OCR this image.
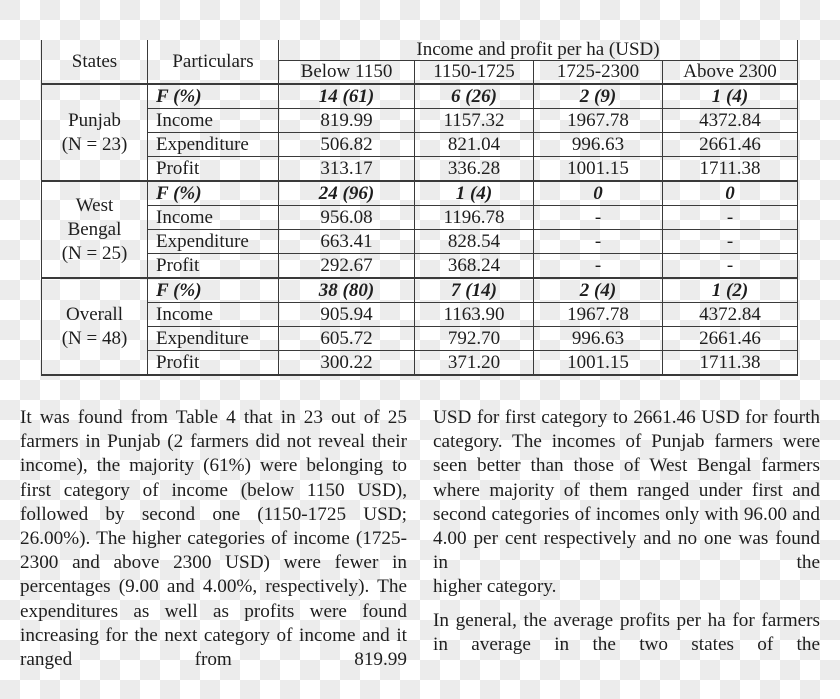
States	Particulars	Income and profit per ha (USD)			
		Below 1150	1150-1725	1725-2300	Above 2300

Punjab
(N = 23)	F (%)	14 (61)	6 (26)	2 (9)	1 (4)
	Income	819.99	1157.32	1967.78	4372.84
	Expenditure	506.82	821.04	996.63	2661.46
	Profit	313.17	336.28	1001.15	1711.38

West
Bengal
(N = 25)	F (%)	24 (96)	1 (4)	0	0
	Income	956.08	1196.78	-	-
	Expenditure	663.41	828.54	-	-
	Profit	292.67	368.24	-	-

Overall
(N = 48)	F (%)	38 (80)	7 (14)	2 (4)	1 (2)
	Income	905.94	1163.90	1967.78	4372.84
	Expenditure	605.72	792.70	996.63	2661.46
	Profit	300.22	371.20	1001.15	1711.38

It was found from Table 4 that in 23 out of 25 farmers in Punjab (2 farmers did not reveal their income), the majority (61%) were belonging to first category of income (below 1150 USD), followed by second one (1150-1725 USD; 26.00%). The higher categories of income (1725-2300 and above 2300 USD) were fewer in percentages (9.00 and 4.00%, respectively). The expenditures as well as profits were found increasing for the next category of income and it ranged from 819.99

USD for first category to 2661.46 USD for fourth category. The incomes of Punjab farmers were seen better than those of West Bengal farmers where majority of them ranged under first and second categories of incomes only with 96.00 and 4.00 per cent respectively and no one was found in the

higher category.

In general, the average profits per ha for farmers in average in the two states of the
